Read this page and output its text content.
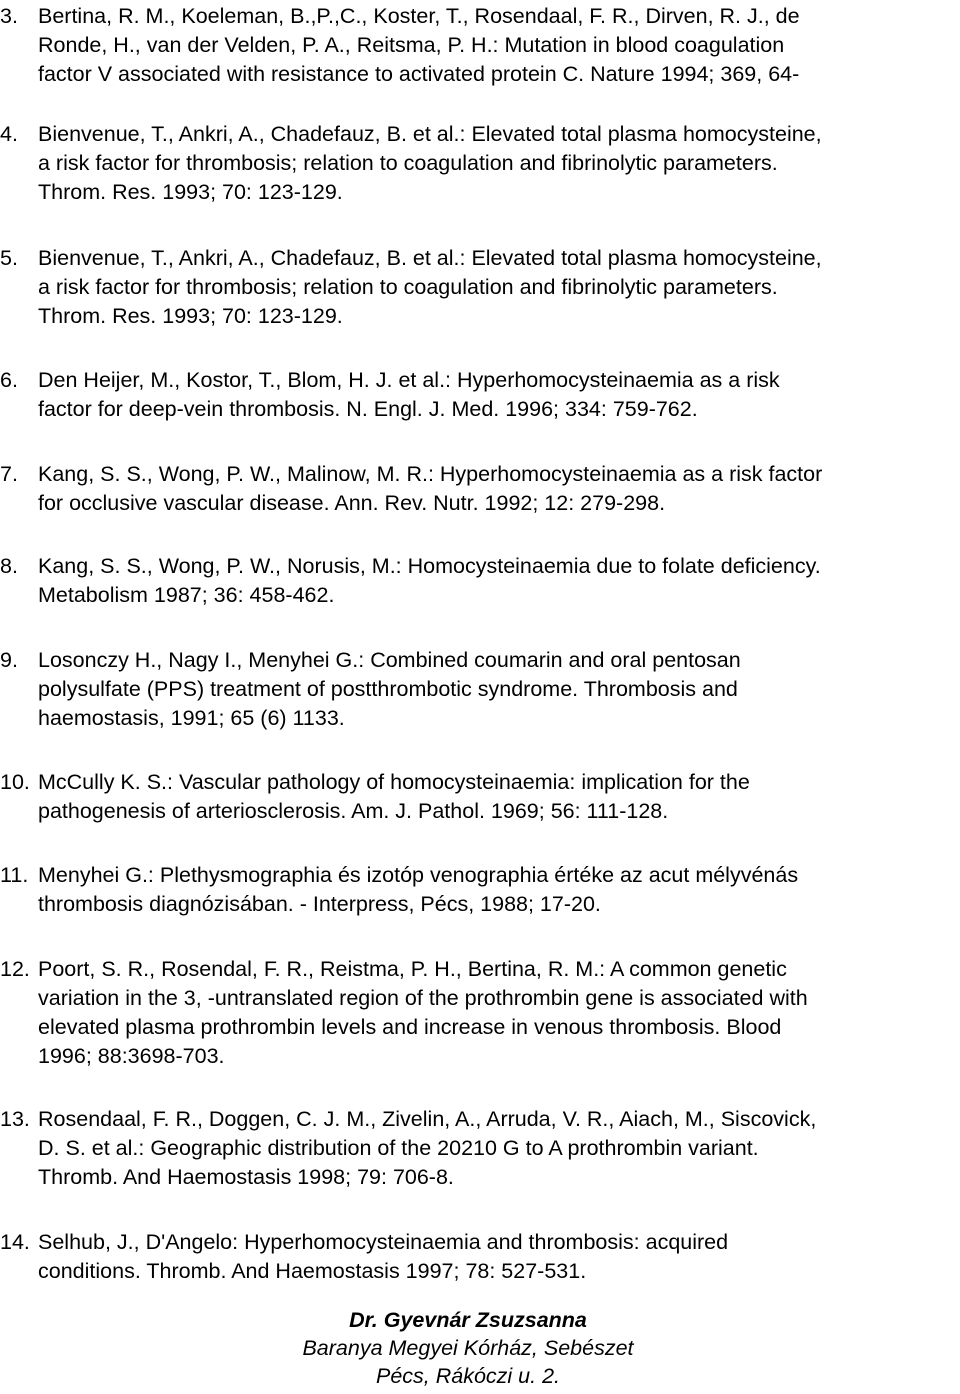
3. Bertina, R. M., Koeleman, B.,P.,C., Koster, T., Rosendaal, F. R., Dirven, R. J., de
Ronde, H., van der Velden, P. A., Reitsma, P. H.: Mutation in blood coagulation
factor V associated with resistance to activated protein C. Nature 1994; 369, 64-
4. Bienvenue, T., Ankri, A., Chadefauz, B. et al.: Elevated total plasma homocysteine,
a risk factor for thrombosis; relation to coagulation and fibrinolytic parameters.
Throm. Res. 1993; 70: 123-129.
5. Bienvenue, T., Ankri, A., Chadefauz, B. et al.: Elevated total plasma homocysteine,
a risk factor for thrombosis; relation to coagulation and fibrinolytic parameters.
Throm. Res. 1993; 70: 123-129.
6. Den Heijer, M., Kostor, T., Blom, H. J. et al.: Hyperhomocysteinaemia as a risk
factor for deep-vein thrombosis. N. Engl. J. Med. 1996; 334: 759-762.
7. Kang, S. S., Wong, P. W., Malinow, M. R.: Hyperhomocysteinaemia as a risk factor
for occlusive vascular disease. Ann. Rev. Nutr. 1992; 12: 279-298.
8. Kang, S. S., Wong, P. W., Norusis, M.: Homocysteinaemia due to folate deficiency.
Metabolism 1987; 36: 458-462.
9. Losonczy H., Nagy I., Menyhei G.: Combined coumarin and oral pentosan
polysulfate (PPS) treatment of postthrombotic syndrome. Thrombosis and
haemostasis, 1991; 65 (6) 1133.
10. McCully K. S.: Vascular pathology of homocysteinaemia: implication for the
pathogenesis of arteriosclerosis. Am. J. Pathol. 1969; 56: 111-128.
11. Menyhei G.: Plethysmographia és izotóp venographia értéke az acut mélyvénás
thrombosis diagnózisában. - Interpress, Pécs, 1988; 17-20.
12. Poort, S. R., Rosendal, F. R., Reistma, P. H., Bertina, R. M.: A common genetic
variation in the 3, -untranslated region of the prothrombin gene is associated with
elevated plasma prothrombin levels and increase in venous thrombosis. Blood
1996; 88:3698-703.
13. Rosendaal, F. R., Doggen, C. J. M., Zivelin, A., Arruda, V. R., Aiach, M., Siscovick,
D. S. et al.: Geographic distribution of the 20210 G to A prothrombin variant.
Thromb. And Haemostasis 1998; 79: 706-8.
14. Selhub, J., D'Angelo: Hyperhomocysteinaemia and thrombosis: acquired
conditions. Thromb. And Haemostasis 1997; 78: 527-531.
Dr. Gyevnár Zsuzsanna
Baranya Megyei Kórház, Sebészet
Pécs, Rákóczi u. 2.
